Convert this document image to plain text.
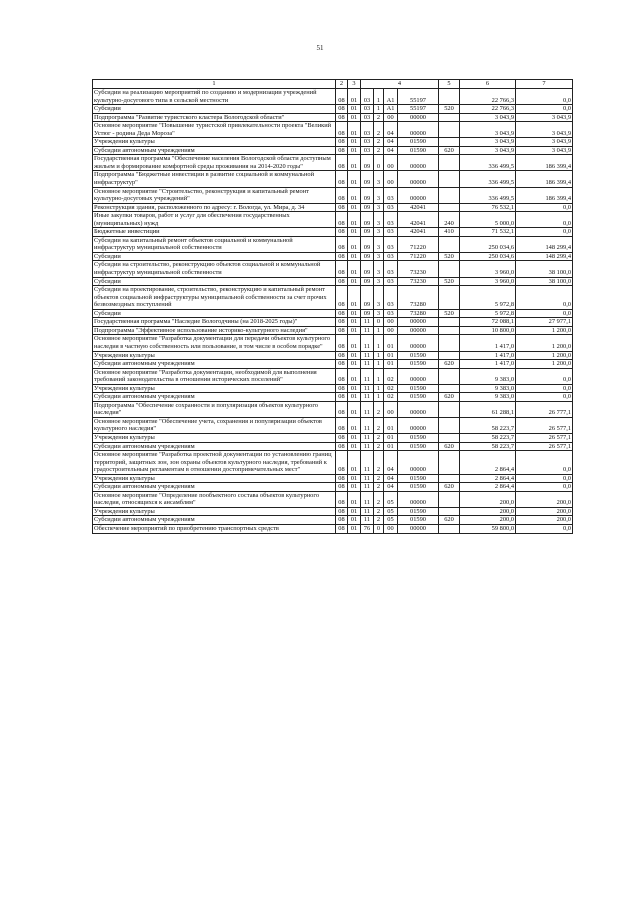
51
1	2	3	4				5	6	7
Субсидии на реализацию мероприятий по созданию и модернизации учреждений культурно-досугового типа в сельской местности	08	01	03	1	A1	55197		22 766,3	0,0
Субсидии	08	01	03	1	A1	55197	520	22 766,3	0,0
Подпрограмма "Развитие туристского кластера Вологодской области"	08	01	03	2	00	00000		3 043,9	3 043,9
Основное мероприятие "Повышение туристской привлекательности проекта "Великий Устюг - родина Деда Мороза"	08	01	03	2	04	00000		3 043,9	3 043,9
Учреждения культуры	08	01	03	2	04	01590		3 043,9	3 043,9
Субсидии автономным учреждениям	08	01	03	2	04	01590	620	3 043,9	3 043,9
Государственная программа "Обеспечение населения Вологодской области доступным жильем и формирование комфортной среды проживания на 2014-2020 годы"	08	01	09	0	00	00000		336 499,5	186 399,4
Подпрограмма "Бюджетные инвестиции в развитие социальной и коммунальной инфраструктур"	08	01	09	3	00	00000		336 499,5	186 399,4
Основное мероприятие "Строительство, реконструкция и капитальный ремонт культурно-досуговых учреждений"	08	01	09	3	03	00000		336 499,5	186 399,4
Реконструкция здания, расположенного по адресу: г. Вологда, ул. Мира, д. 34	08	01	09	3	03	42041		76 532,1	0,0
Иные закупки товаров, работ и услуг для обеспечения государственных (муниципальных) нужд	08	01	09	3	03	42041	240	5 000,0	0,0
Бюджетные инвестиции	08	01	09	3	03	42041	410	71 532,1	0,0
Субсидии на капитальный ремонт объектов социальной и коммунальной инфраструктур муниципальной собственности	08	01	09	3	03	71220		250 034,6	148 299,4
Субсидии	08	01	09	3	03	71220	520	250 034,6	148 299,4
Субсидии на строительство, реконструкцию объектов социальной и коммунальной инфраструктур муниципальной собственности	08	01	09	3	03	73230		3 960,0	38 100,0
Субсидии	08	01	09	3	03	73230	520	3 960,0	38 100,0
Субсидии на проектирование, строительство, реконструкцию и капитальный ремонт объектов социальной инфраструктуры муниципальной собственности за счет прочих безвозмездных поступлений	08	01	09	3	03	73280		5 972,8	0,0
Субсидии	08	01	09	3	03	73280	520	5 972,8	0,0
Государственная программа "Наследие Вологодчины (на 2018-2025 годы)"	08	01	11	0	00	00000		72 088,1	27 977,1
Подпрограмма "Эффективное использование историко-культурного наследия"	08	01	11	1	00	00000		10 800,0	1 200,0
Основное мероприятие "Разработка документации для передачи объектов культурного наследия в частную собственность или пользование, в том числе в особом порядке"	08	01	11	1	01	00000		1 417,0	1 200,0
Учреждения культуры	08	01	11	1	01	01590		1 417,0	1 200,0
Субсидии автономным учреждениям	08	01	11	1	01	01590	620	1 417,0	1 200,0
Основное мероприятие "Разработка документации, необходимой для выполнения требований законодательства в отношении исторических поселений"	08	01	11	1	02	00000		9 383,0	0,0
Учреждения культуры	08	01	11	1	02	01590		9 383,0	0,0
Субсидии автономным учреждениям	08	01	11	1	02	01590	620	9 383,0	0,0
Подпрограмма "Обеспечение сохранности и популяризация объектов культурного наследия"	08	01	11	2	00	00000		61 288,1	26 777,1
Основное мероприятие "Обеспечение учета, сохранения и популяризации объектов культурного наследия"	08	01	11	2	01	00000		58 223,7	26 577,1
Учреждения культуры	08	01	11	2	01	01590		58 223,7	26 577,1
Субсидии автономным учреждениям	08	01	11	2	01	01590	620	58 223,7	26 577,1
Основное мероприятие "Разработка проектной документации по установлению границ территорий, защитных зон, зон охраны объектов культурного наследия, требований к градостроительным регламентам в отношении достопримечательных мест"	08	01	11	2	04	00000		2 864,4	0,0
Учреждения культуры	08	01	11	2	04	01590		2 864,4	0,0
Субсидии автономным учреждениям	08	01	11	2	04	01590	620	2 864,4	0,0
Основное мероприятие "Определение пообъектного состава объектов культурного наследия, относящихся к ансамблям"	08	01	11	2	05	00000		200,0	200,0
Учреждения культуры	08	01	11	2	05	01590		200,0	200,0
Субсидии автономным учреждениям	08	01	11	2	05	01590	620	200,0	200,0
Обеспечение мероприятий по приобретению транспортных средств	08	01	76	0	00	00000		59 800,0	0,0
